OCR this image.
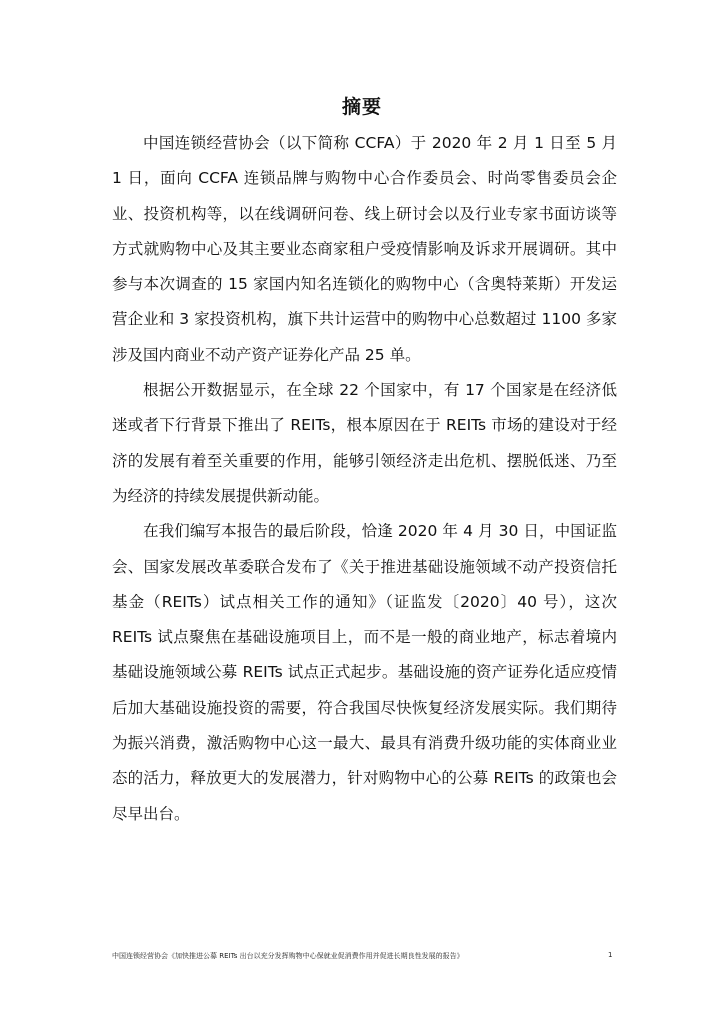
摘要

中国连锁经营协会（以下简称 CCFA）于 2020 年 2 月 1 日至 5 月 1 日，面向 CCFA 连锁品牌与购物中心合作委员会、时尚零售委员会企业、投资机构等，以在线调研问卷、线上研讨会以及行业专家书面访谈等方式就购物中心及其主要业态商家租户受疫情影响及诉求开展调研。其中参与本次调查的 15 家国内知名连锁化的购物中心（含奥特莱斯）开发运营企业和 3 家投资机构，旗下共计运营中的购物中心总数超过 1100 多家涉及国内商业不动产资产证券化产品 25 单。

根据公开数据显示，在全球 22 个国家中，有 17 个国家是在经济低迷或者下行背景下推出了 REITs，根本原因在于 REITs 市场的建设对于经济的发展有着至关重要的作用，能够引领经济走出危机、摆脱低迷、乃至为经济的持续发展提供新动能。

在我们编写本报告的最后阶段，恰逢 2020 年 4 月 30 日，中国证监会、国家发展改革委联合发布了《关于推进基础设施领域不动产投资信托基金（REITs）试点相关工作的通知》（证监发〔2020〕40 号），这次 REITs 试点聚焦在基础设施项目上，而不是一般的商业地产，标志着境内基础设施领域公募 REITs 试点正式起步。基础设施的资产证券化适应疫情后加大基础设施投资的需要，符合我国尽快恢复经济发展实际。我们期待为振兴消费，激活购物中心这一最大、最具有消费升级功能的实体商业业态的活力，释放更大的发展潜力，针对购物中心的公募 REITs 的政策也会尽早出台。

中国连锁经营协会《加快推进公募 REITs 出台以充分发挥购物中心保就业促消费作用并促进长期良性发展的报告》	1
